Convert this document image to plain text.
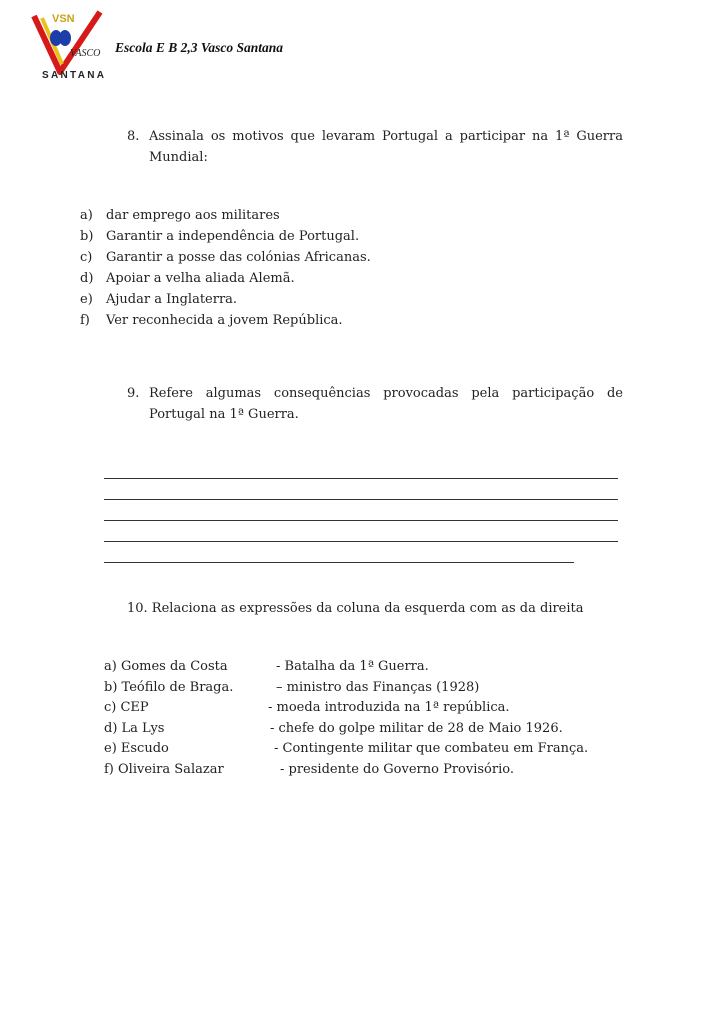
VSN
VASCO
SANTANA
Escola E B 2,3 Vasco Santana
8. Assinala os motivos que levaram Portugal a participar na 1ª Guerra Mundial:
a) dar emprego aos militares
b) Garantir a independência de Portugal.
c) Garantir a posse das colónias Africanas.
d) Apoiar a velha aliada Alemã.
e) Ajudar a Inglaterra.
f) Ver reconhecida a jovem República.
9. Refere algumas consequências provocadas pela participação de Portugal na 1ª Guerra.
10. Relaciona as expressões da coluna da esquerda com as da direita
a) Gomes da Costa	- Batalha da 1ª Guerra.
b) Teófilo de Braga.	– ministro das Finanças (1928)
c) CEP	- moeda introduzida na 1ª república.
d) La Lys	- chefe do golpe militar de 28 de Maio 1926.
e) Escudo	- Contingente militar que combateu em França.
f) Oliveira Salazar	- presidente do Governo Provisório.
